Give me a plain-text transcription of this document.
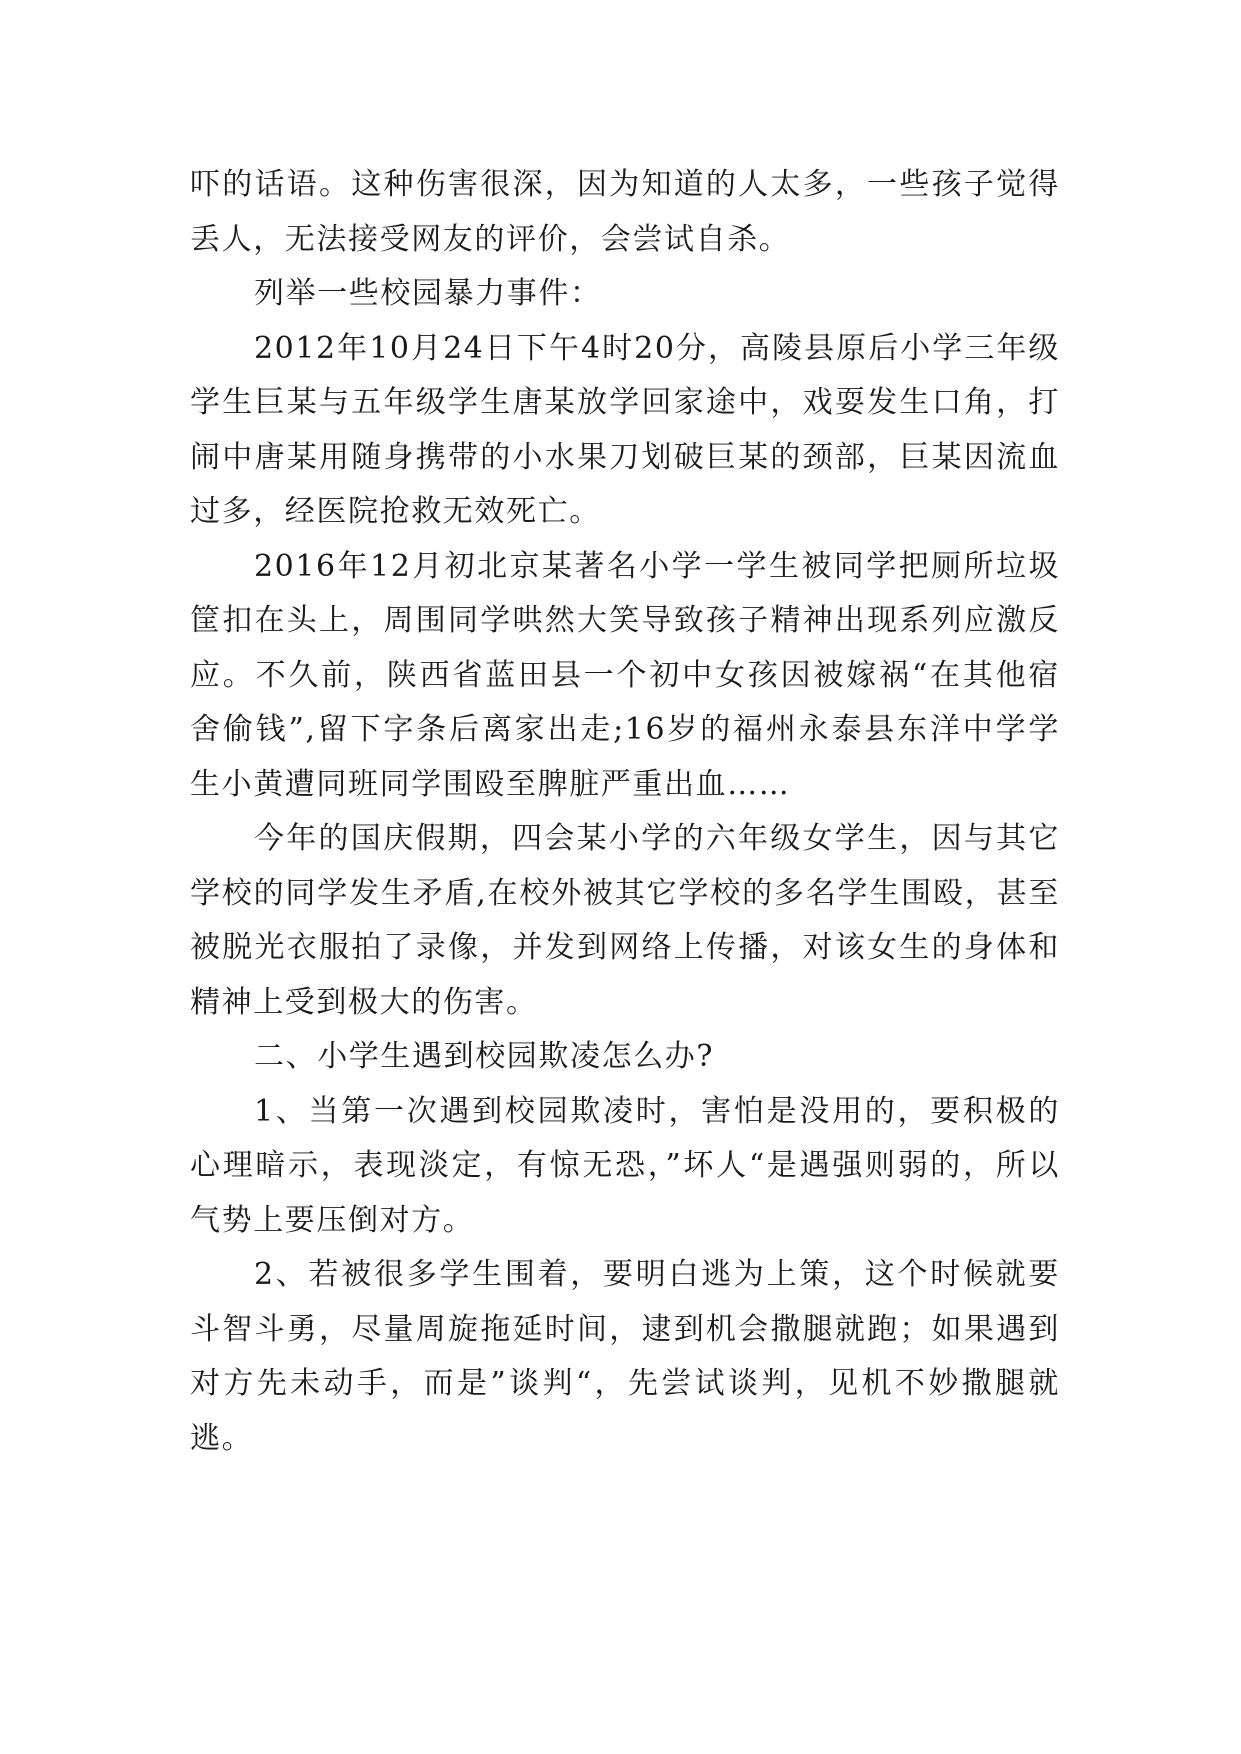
吓的话语。这种伤害很深，因为知道的人太多，一些孩子觉得丢人，无法接受网友的评价，会尝试自杀。

列举一些校园暴力事件：

2012年10月24日下午4时20分，高陵县原后小学三年级学生巨某与五年级学生唐某放学回家途中，戏耍发生口角，打闹中唐某用随身携带的小水果刀划破巨某的颈部，巨某因流血过多，经医院抢救无效死亡。

2016年12月初北京某著名小学一学生被同学把厕所垃圾筐扣在头上，周围同学哄然大笑导致孩子精神出现系列应激反应。不久前，陕西省蓝田县一个初中女孩因被嫁祸“在其他宿舍偷钱”,留下字条后离家出走;16岁的福州永泰县东洋中学学生小黄遭同班同学围殴至脾脏严重出血……

今年的国庆假期，四会某小学的六年级女学生，因与其它学校的同学发生矛盾,在校外被其它学校的多名学生围殴，甚至被脱光衣服拍了录像，并发到网络上传播，对该女生的身体和精神上受到极大的伤害。

二、小学生遇到校园欺凌怎么办?

1、当第一次遇到校园欺凌时，害怕是没用的，要积极的心理暗示，表现淡定，有惊无恐，”坏人“是遇强则弱的，所以气势上要压倒对方。

2、若被很多学生围着，要明白逃为上策，这个时候就要斗智斗勇，尽量周旋拖延时间，逮到机会撒腿就跑；如果遇到对方先未动手，而是”谈判“，先尝试谈判，见机不妙撒腿就逃。
